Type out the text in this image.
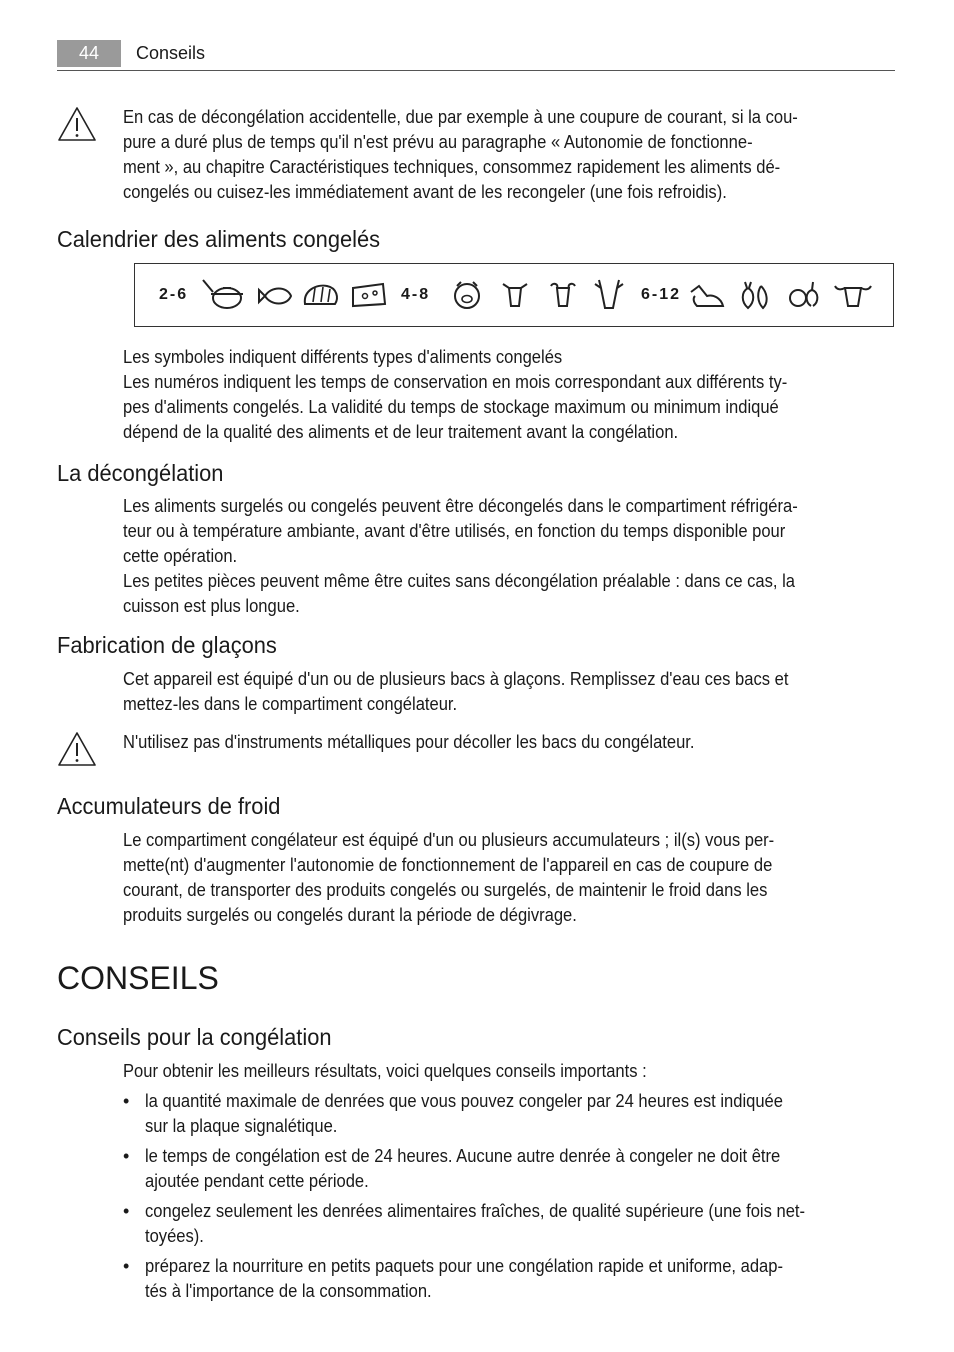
44	Conseils
En cas de décongélation accidentelle, due par exemple à une coupure de courant, si la cou-
pure a duré plus de temps qu'il n'est prévu au paragraphe « Autonomie de fonctionne-
ment », au chapitre Caractéristiques techniques, consommez rapidement les aliments dé-
congelés ou cuisez-les immédiatement avant de les recongeler (une fois refroidis).
Calendrier des aliments congelés
2-6	4-8	6-12
Les symboles indiquent différents types d'aliments congelés
Les numéros indiquent les temps de conservation en mois correspondant aux différents ty-
pes d'aliments congelés. La validité du temps de stockage maximum ou minimum indiqué
dépend de la qualité des aliments et de leur traitement avant la congélation.
La décongélation
Les aliments surgelés ou congelés peuvent être décongelés dans le compartiment réfrigéra-
teur ou à température ambiante, avant d'être utilisés, en fonction du temps disponible pour
cette opération.
Les petites pièces peuvent même être cuites sans décongélation préalable : dans ce cas, la
cuisson est plus longue.
Fabrication de glaçons
Cet appareil est équipé d'un ou de plusieurs bacs à glaçons. Remplissez d'eau ces bacs et
mettez-les dans le compartiment congélateur.
N'utilisez pas d'instruments métalliques pour décoller les bacs du congélateur.
Accumulateurs de froid
Le compartiment congélateur est équipé d'un ou plusieurs accumulateurs ; il(s) vous per-
mette(nt) d'augmenter l'autonomie de fonctionnement de l'appareil en cas de coupure de
courant, de transporter des produits congelés ou surgelés, de maintenir le froid dans les
produits surgelés ou congelés durant la période de dégivrage.
CONSEILS
Conseils pour la congélation
Pour obtenir les meilleurs résultats, voici quelques conseils importants :
• la quantité maximale de denrées que vous pouvez congeler par 24 heures est indiquée
sur la plaque signalétique.
• le temps de congélation est de 24 heures. Aucune autre denrée à congeler ne doit être
ajoutée pendant cette période.
• congelez seulement les denrées alimentaires fraîches, de qualité supérieure (une fois net-
toyées).
• préparez la nourriture en petits paquets pour une congélation rapide et uniforme, adap-
tés à l'importance de la consommation.
